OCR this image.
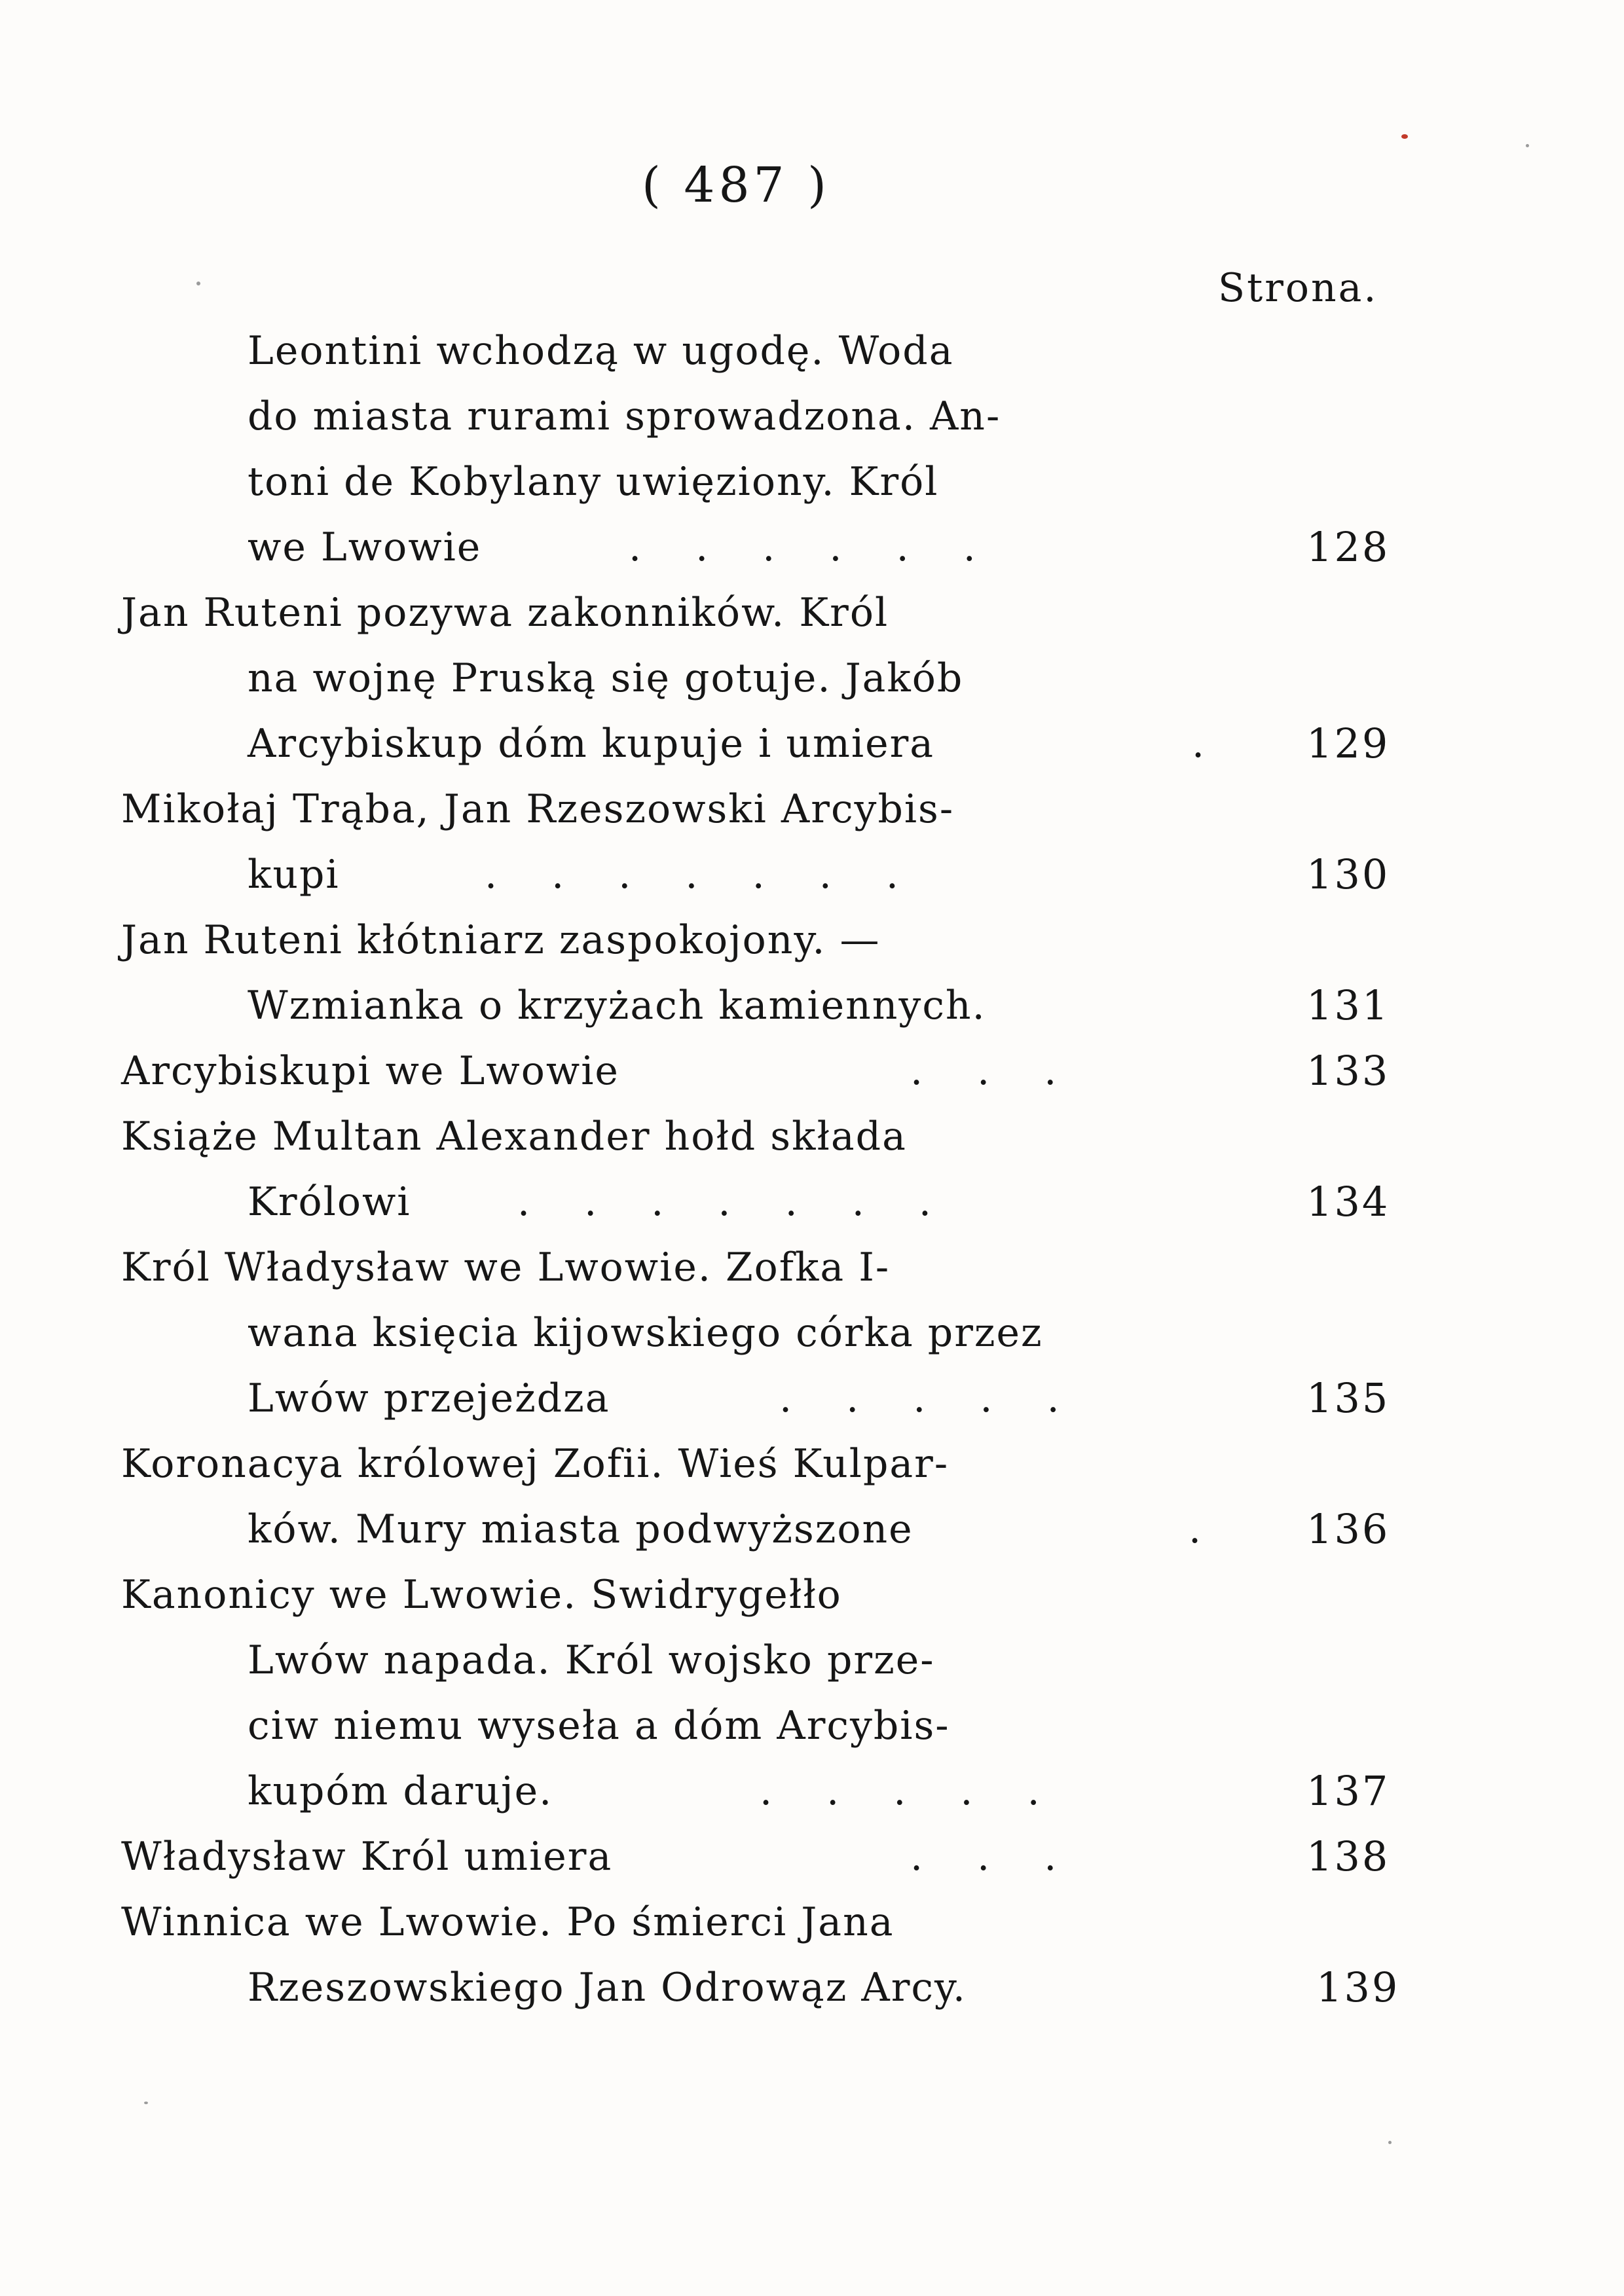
( 487 )
Strona.
Leontini wchodzą w ugodę. Woda
do miasta rurami sprowadzona. An-
toni de Kobylany uwięziony. Król
we Lwowie	. . . . . .	128
Jan Ruteni pozywa zakonników. Król
na wojnę Pruską się gotuje. Jakób
Arcybiskup dóm kupuje i umiera	. 129
Mikołaj Trąba, Jan Rzeszowski Arcybis-
kupi	. . . . . . .	130
Jan Ruteni kłótniarz zaspokojony. —
Wzmianka o krzyżach kamiennych.	131
Arcybiskupi we Lwowie	. . .	133
Książe Multan Alexander hołd składa
Królowi	. . . . . . .	134
Król Władysław we Lwowie. Zofka I-
wana księcia kijowskiego córka przez
Lwów przejeżdza	. . . . .	135
Koronacya królowej Zofii. Wieś Kulpar-
ków. Mury miasta podwyższone	. 136
Kanonicy we Lwowie. Swidrygełło
Lwów napada. Król wojsko prze-
ciw niemu wyseła a dóm Arcybis-
kupóm daruje.	. . . . .	137
Władysław Król umiera	. . .	138
Winnica we Lwowie. Po śmierci Jana
Rzeszowskiego Jan Odrowąz Arcy.	139
